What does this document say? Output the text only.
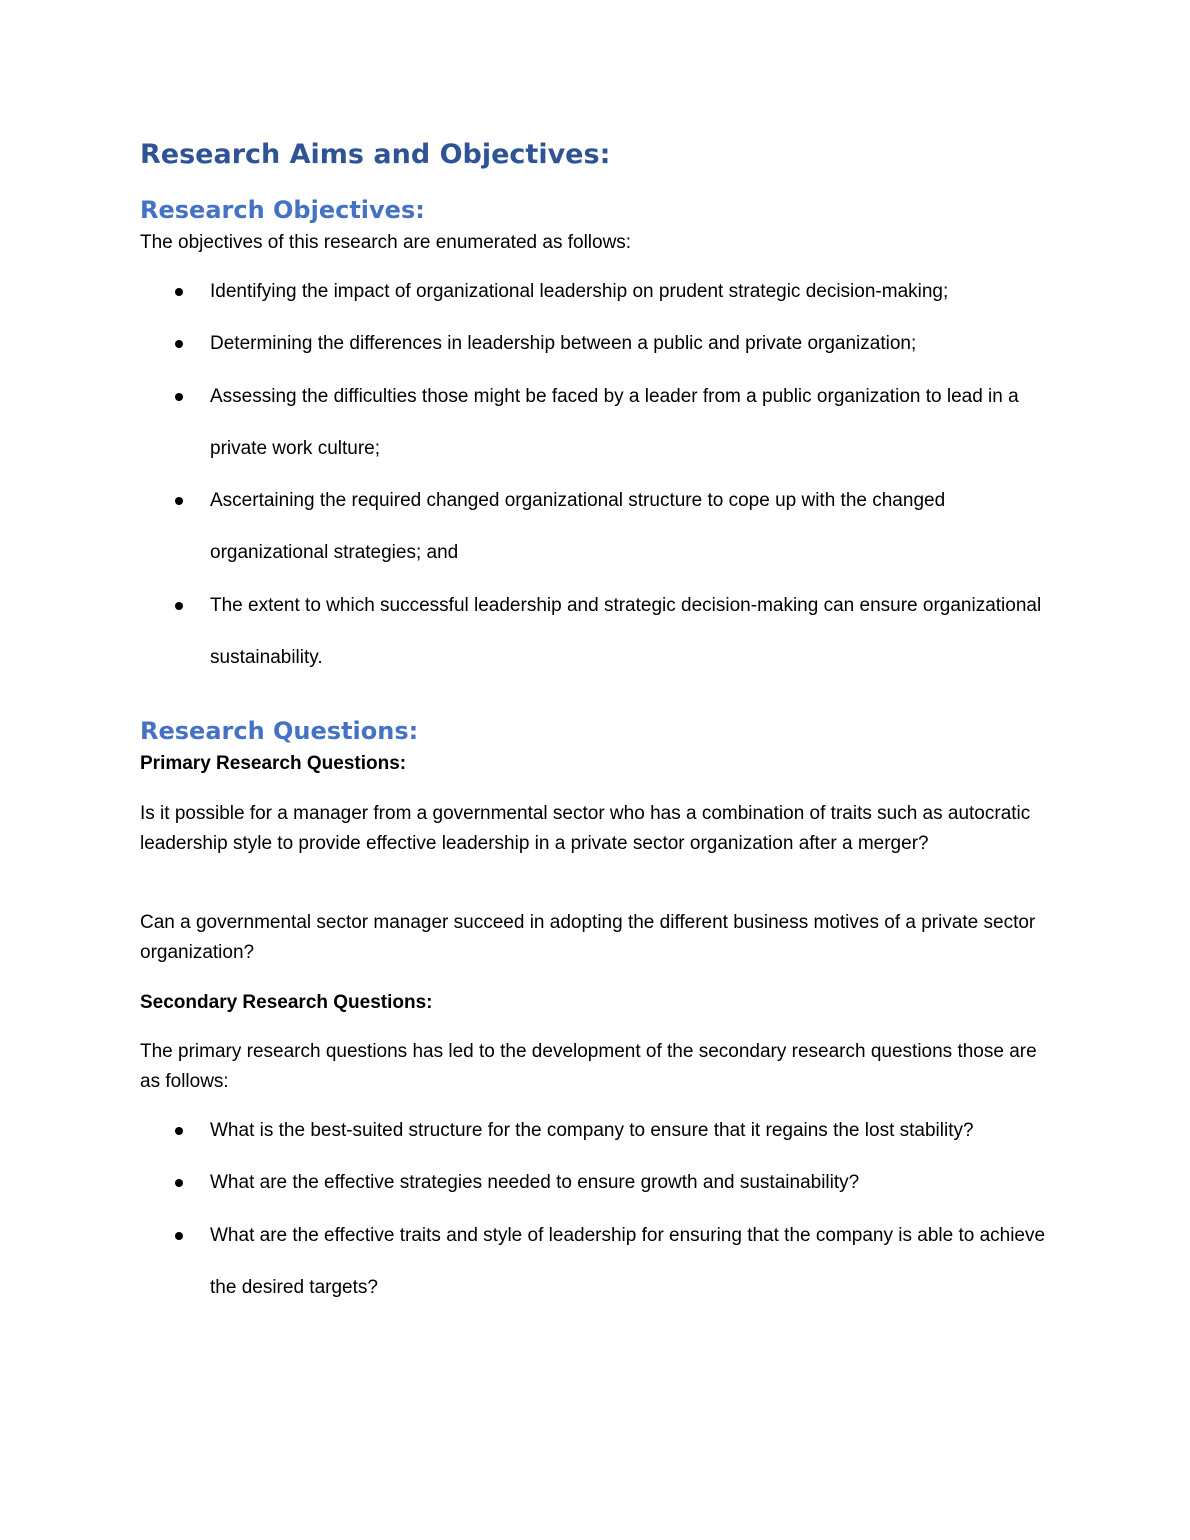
Research Aims and Objectives:
Research Objectives:

The objectives of this research are enumerated as follows:

Identifying the impact of organizational leadership on prudent strategic decision-making;
Determining the differences in leadership between a public and private organization;
Assessing the difficulties those might be faced by a leader from a public organization to lead in a private work culture;
Ascertaining the required changed organizational structure to cope up with the changed organizational strategies; and
The extent to which successful leadership and strategic decision-making can ensure organizational sustainability.
Research Questions:

Primary Research Questions:

Is it possible for a manager from a governmental sector who has a combination of traits such as autocratic leadership style to provide effective leadership in a private sector organization after a merger?

Can a governmental sector manager succeed in adopting the different business motives of a private sector organization?

Secondary Research Questions:

The primary research questions has led to the development of the secondary research questions those are as follows:

What is the best-suited structure for the company to ensure that it regains the lost stability?
What are the effective strategies needed to ensure growth and sustainability?
What are the effective traits and style of leadership for ensuring that the company is able to achieve the desired targets?
